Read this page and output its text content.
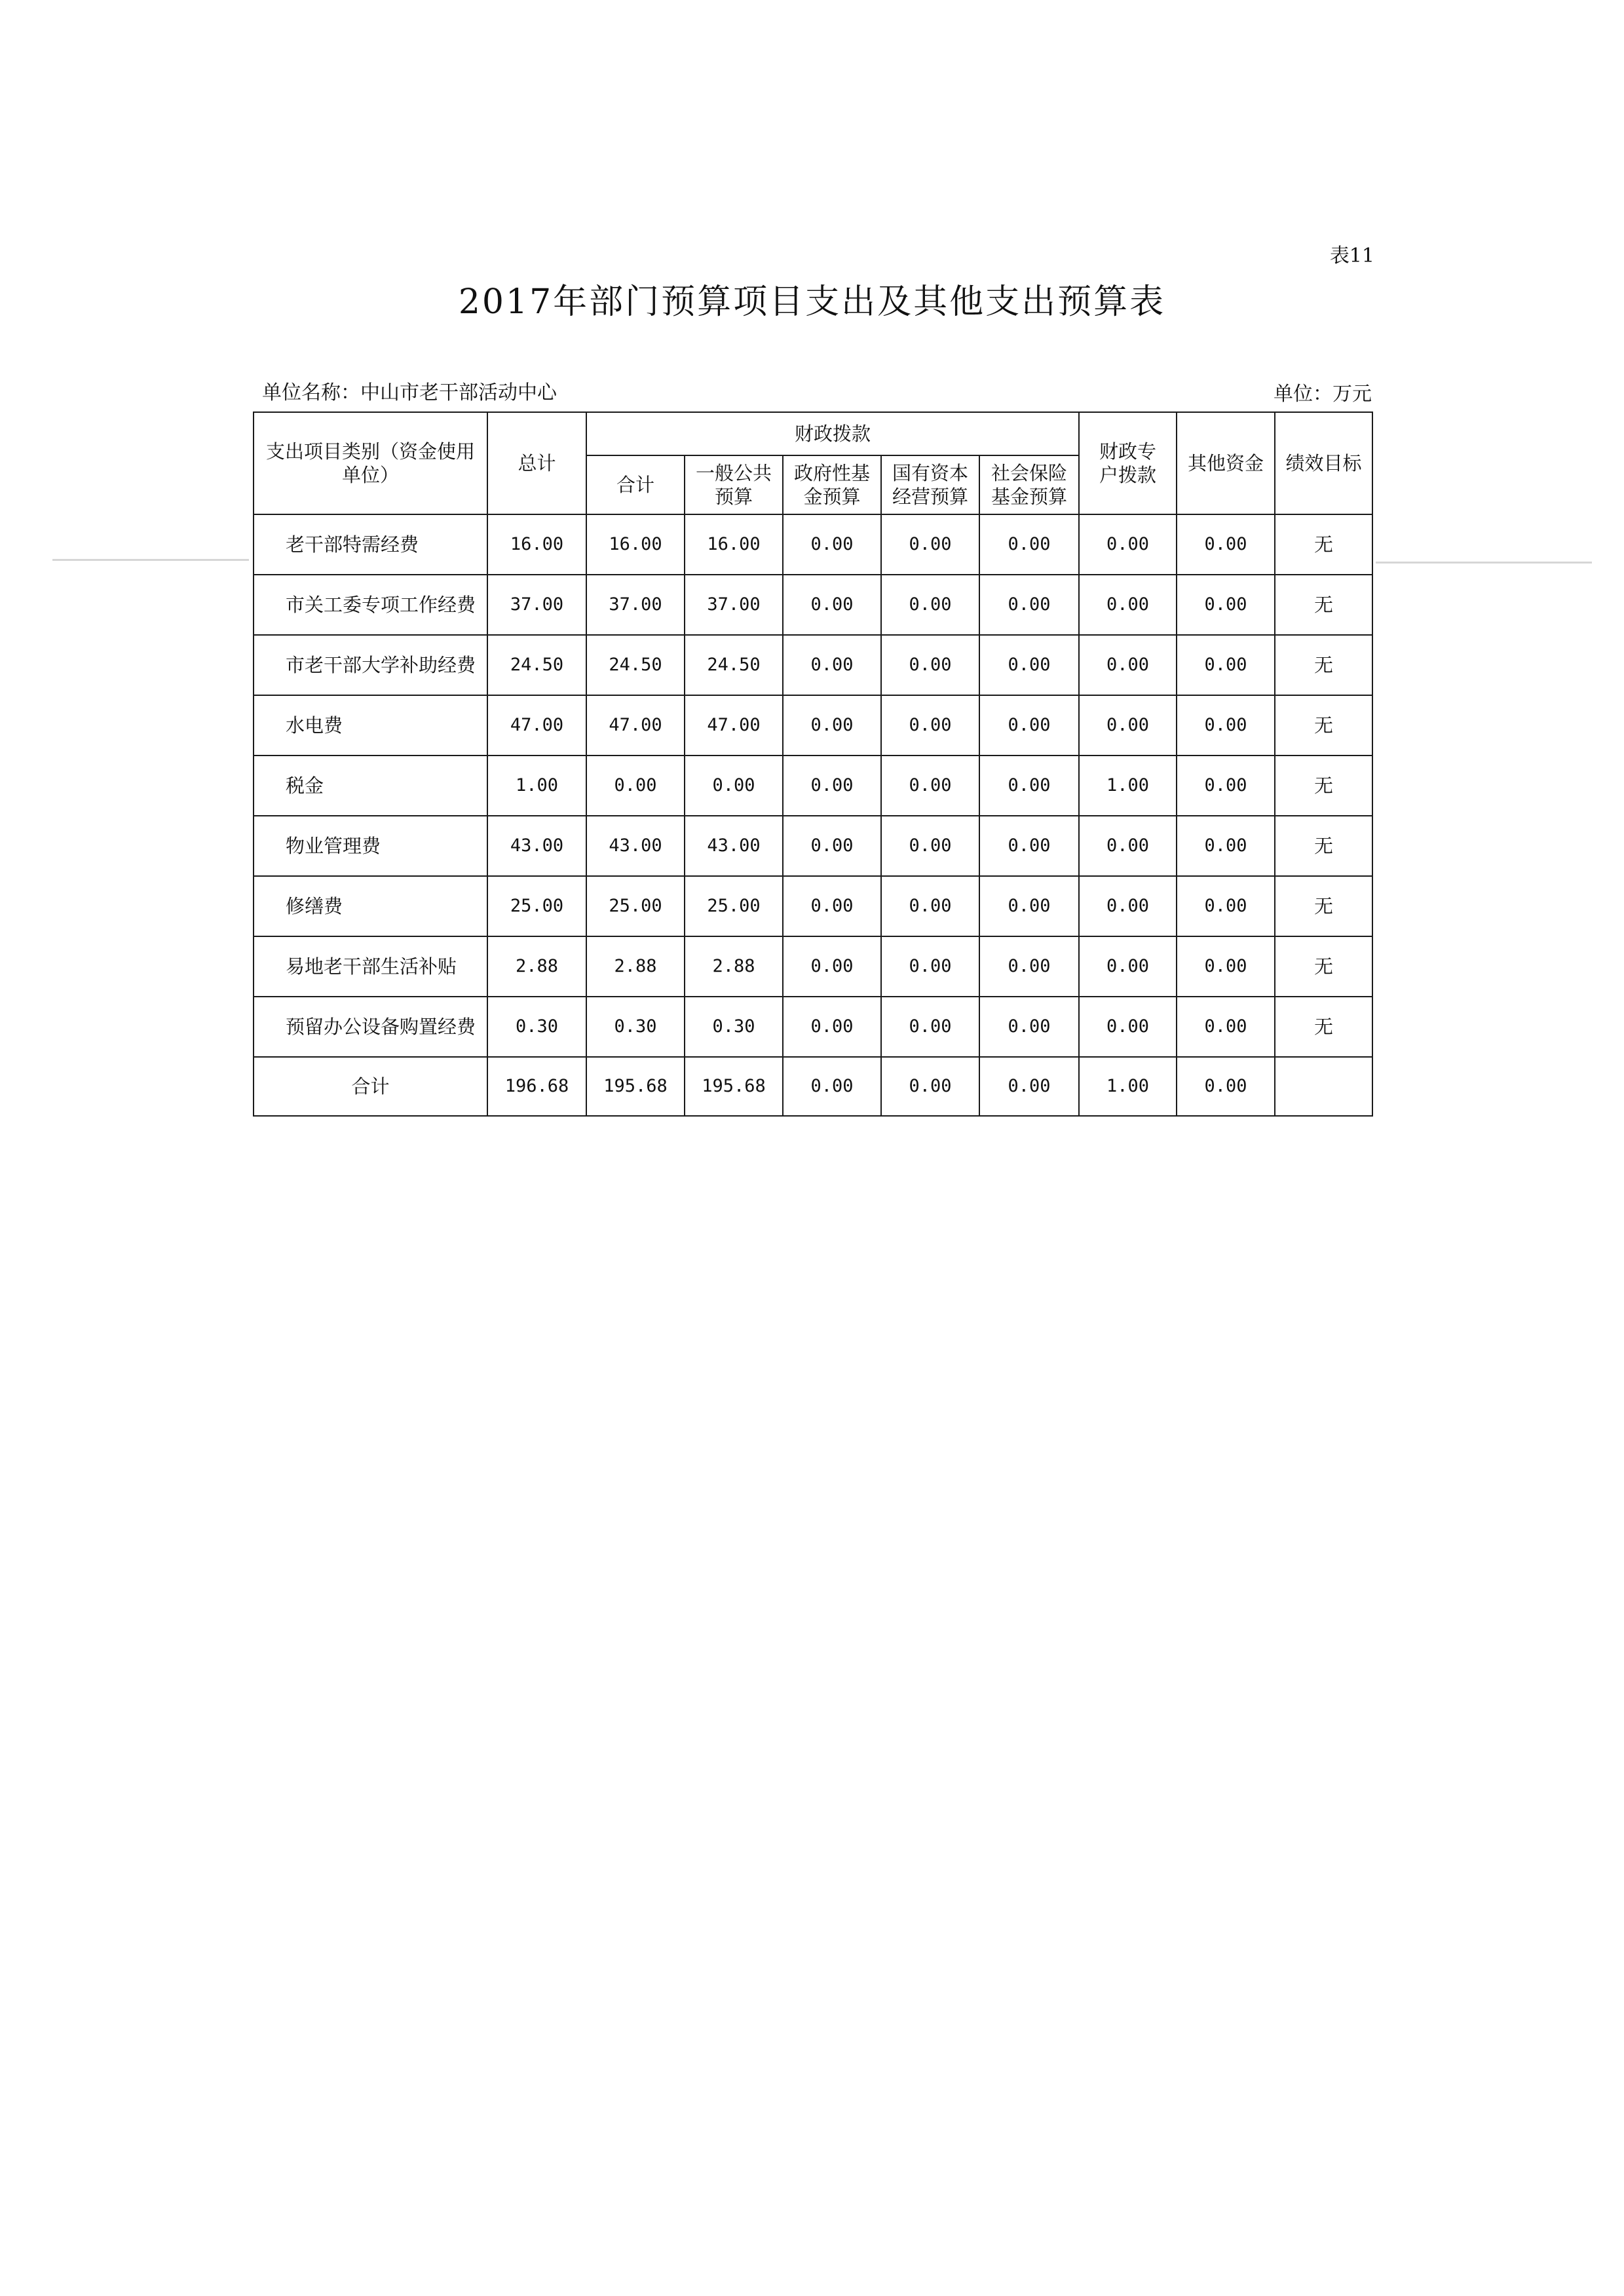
表11
2017年部门预算项目支出及其他支出预算表
单位名称：中山市老干部活动中心	单位：万元
支出项目类别（资金使用单位）	总计	财政拨款					财政专户拨款	其他资金	绩效目标
		合计	一般公共预算	政府性基金预算	国有资本经营预算	社会保险基金预算			
老干部特需经费	16.00	16.00	16.00	0.00	0.00	0.00	0.00	0.00	无
市关工委专项工作经费	37.00	37.00	37.00	0.00	0.00	0.00	0.00	0.00	无
市老干部大学补助经费	24.50	24.50	24.50	0.00	0.00	0.00	0.00	0.00	无
水电费	47.00	47.00	47.00	0.00	0.00	0.00	0.00	0.00	无
税金	1.00	0.00	0.00	0.00	0.00	0.00	1.00	0.00	无
物业管理费	43.00	43.00	43.00	0.00	0.00	0.00	0.00	0.00	无
修缮费	25.00	25.00	25.00	0.00	0.00	0.00	0.00	0.00	无
易地老干部生活补贴	2.88	2.88	2.88	0.00	0.00	0.00	0.00	0.00	无
预留办公设备购置经费	0.30	0.30	0.30	0.00	0.00	0.00	0.00	0.00	无
合计	196.68	195.68	195.68	0.00	0.00	0.00	1.00	0.00	
